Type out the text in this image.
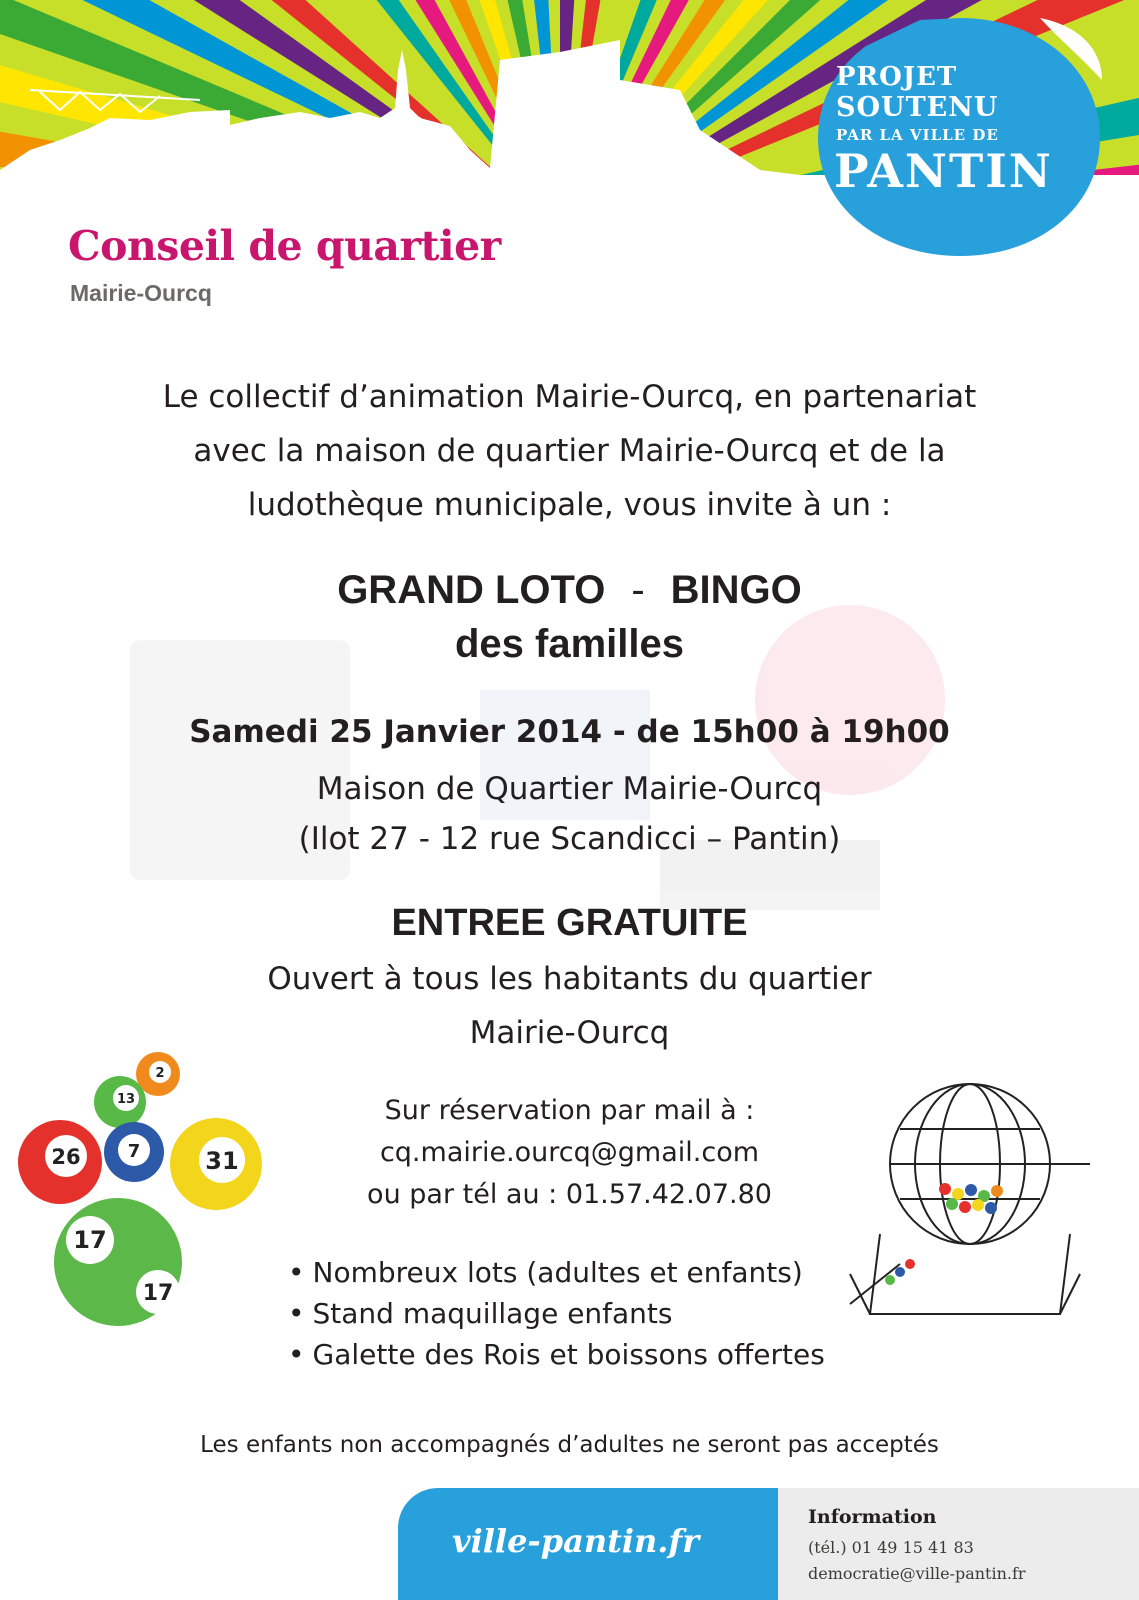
PROJET
SOUTENU
PAR LA VILLE DE
PANTIN
Conseil de quartier
Mairie-Ourcq
Le collectif d’animation Mairie-Ourcq, en partenariat
avec la maison de quartier Mairie-Ourcq et de la
ludothèque municipale, vous invite à un :
GRAND LOTO - BINGO
des familles
Samedi 25 Janvier 2014 - de 15h00 à 19h00
Maison de Quartier Mairie-Ourcq
(Ilot 27 - 12 rue Scandicci – Pantin)
ENTREE GRATUITE
Ouvert à tous les habitants du quartier
Mairie-Ourcq
Sur réservation par mail à :
cq.mairie.ourcq@gmail.com
ou par tél au : 01.57.42.07.80
2
13
26	7	31
17
17
• Nombreux lots (adultes et enfants)
• Stand maquillage enfants
• Galette des Rois et boissons offertes
Les enfants non accompagnés d’adultes ne seront pas acceptés
ville-pantin.fr
Information
(tél.) 01 49 15 41 83
democratie@ville-pantin.fr
